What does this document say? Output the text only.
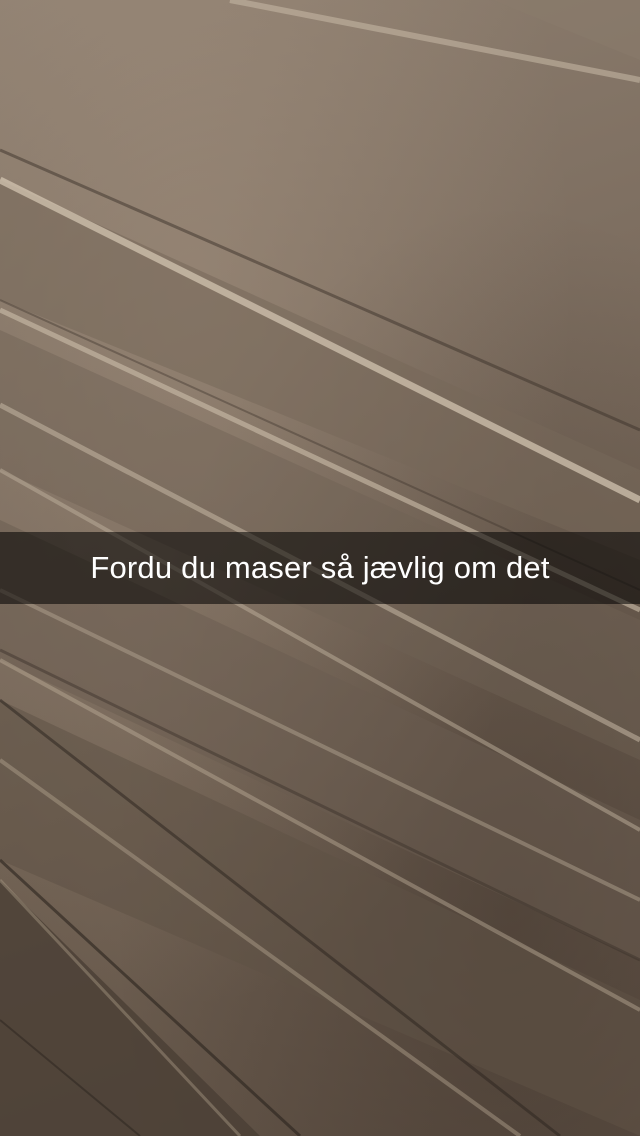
Fordu du maser så jævlig om det
